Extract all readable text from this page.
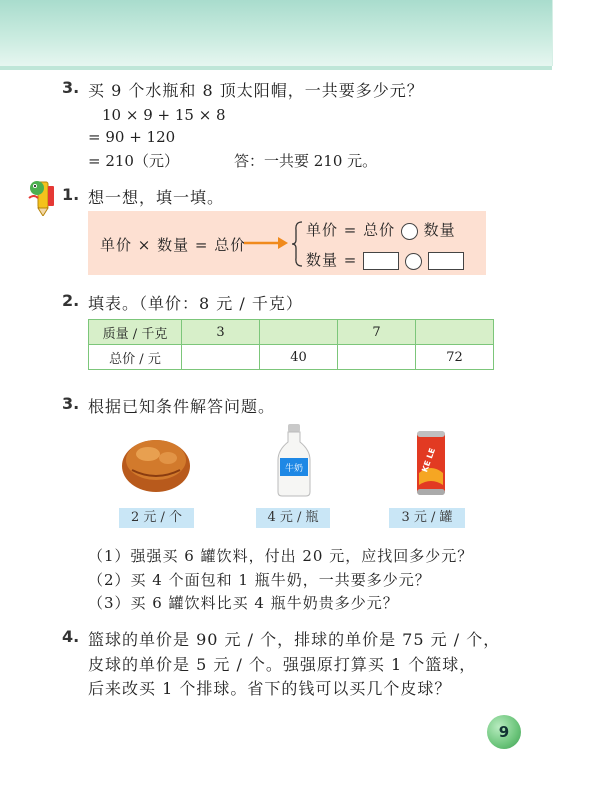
3. 买 9 个水瓶和 8 顶太阳帽，一共要多少元？
10 × 9 + 15 × 8
= 90 + 120
= 210（元）	答：一共要 210 元。
1. 想一想，填一填。
单价 × 数量 = 总价
单价 = 总价 数量
数量 =
2. 填表。（单价：8 元 / 千克）
质量 / 千克	3		7	
总价 / 元		40		72
3. 根据已知条件解答问题。
牛奶	KE LE
2 元 / 个	4 元 / 瓶	3 元 / 罐
（1）强强买 6 罐饮料，付出 20 元，应找回多少元？
（2）买 4 个面包和 1 瓶牛奶，一共要多少元？
（3）买 6 罐饮料比买 4 瓶牛奶贵多少元？
4. 篮球的单价是 90 元 / 个，排球的单价是 75 元 / 个，
皮球的单价是 5 元 / 个。强强原打算买 1 个篮球，
后来改买 1 个排球。省下的钱可以买几个皮球？
9
